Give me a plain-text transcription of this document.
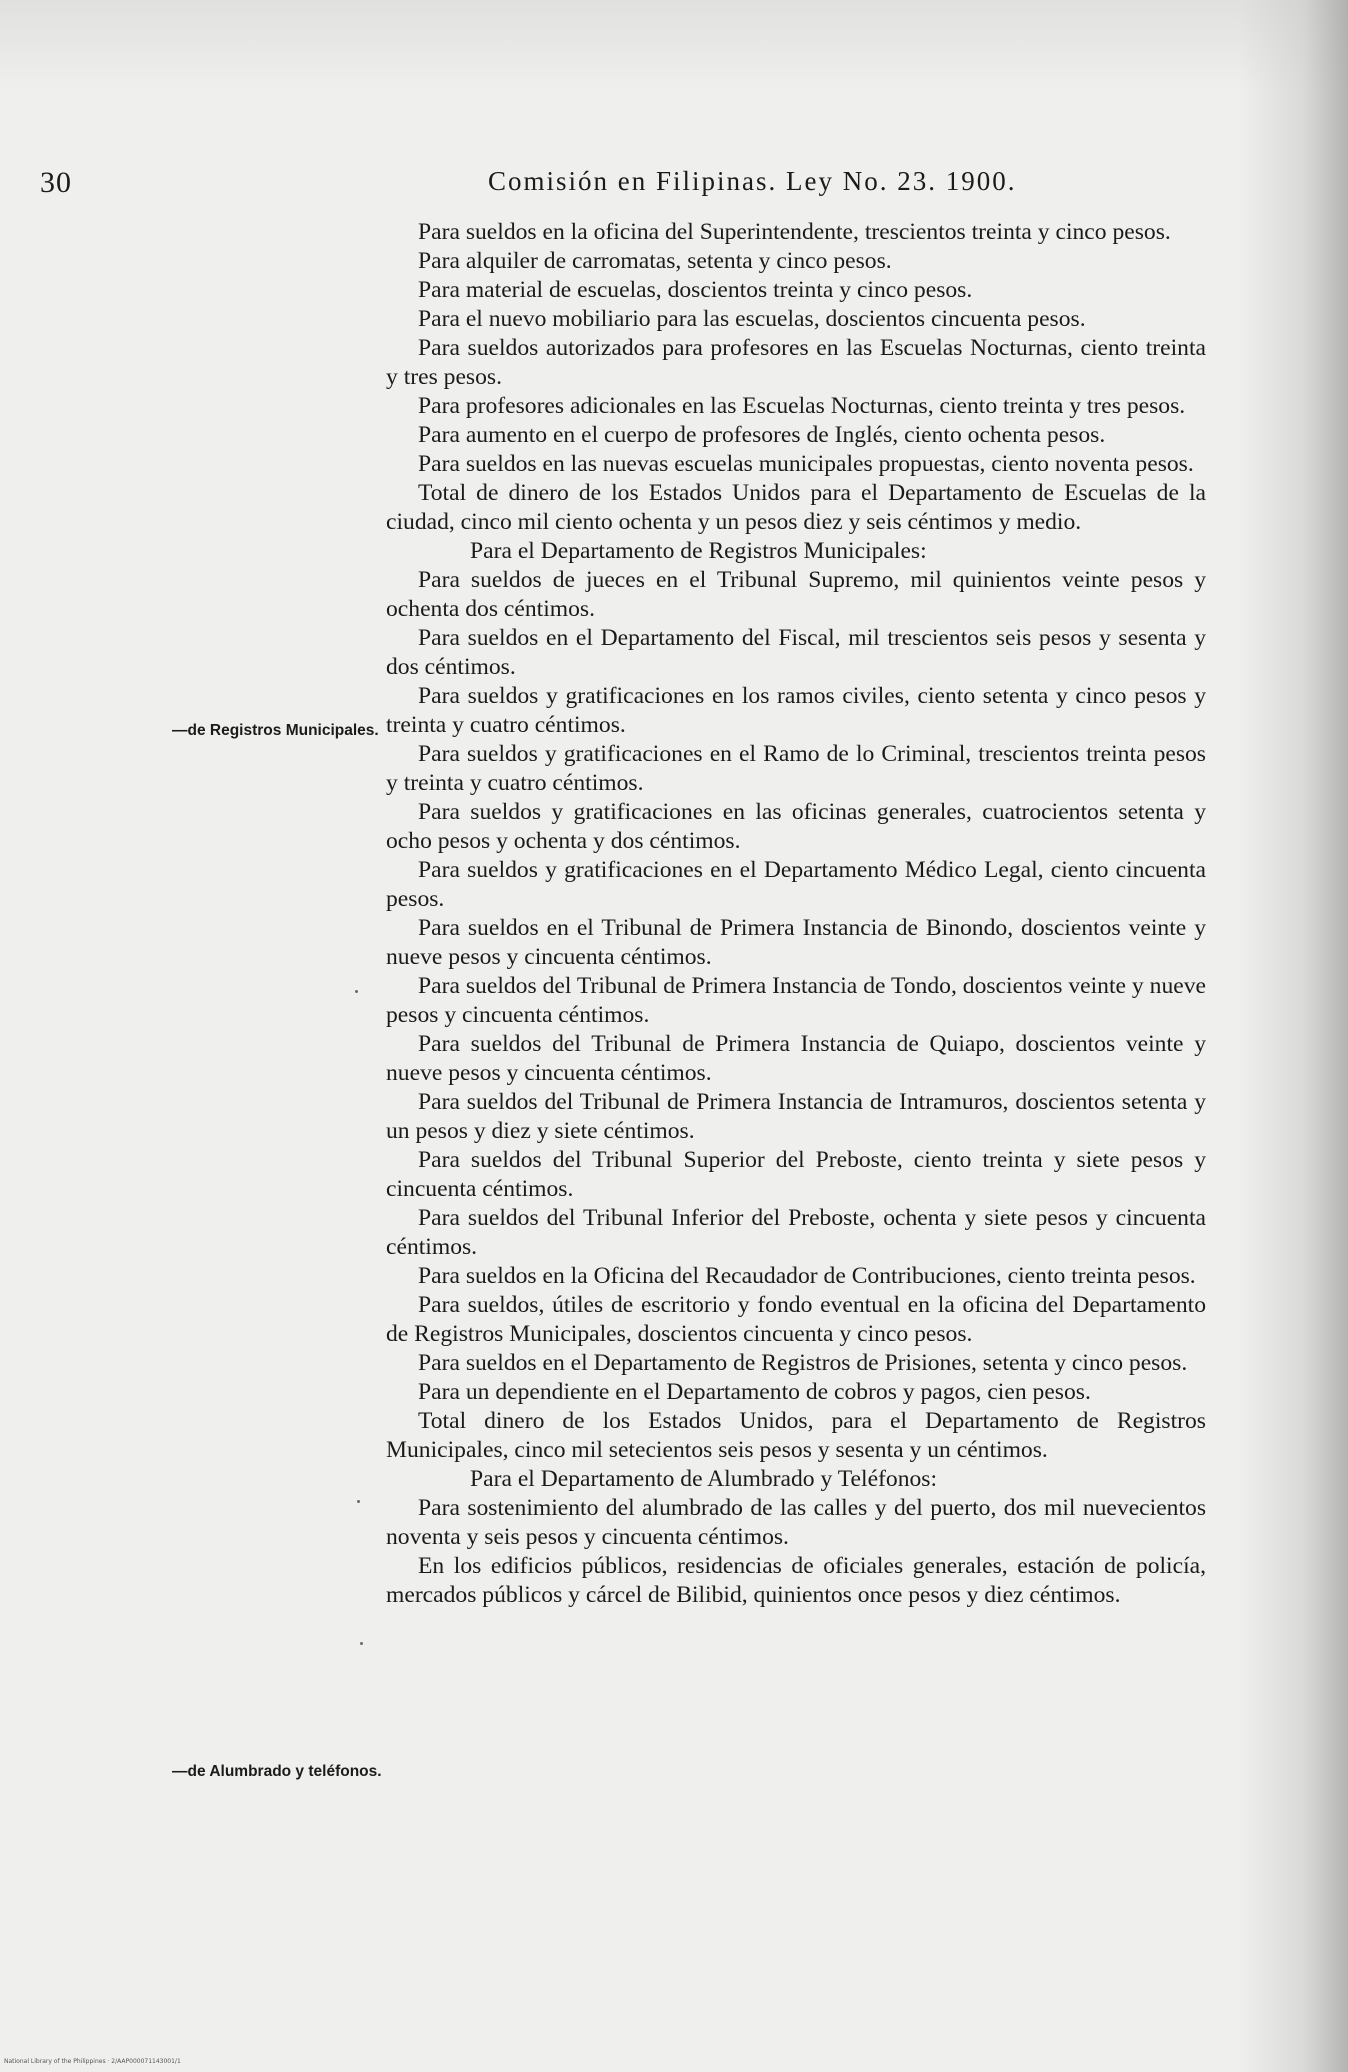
30	Comisión en Filipinas. Ley No. 23. 1900.
—de Registros Municipales.
—de Alumbrado y teléfonos.

Para sueldos en la oficina del Superintendente, trescientos treinta y cinco pesos.

Para alquiler de carromatas, setenta y cinco pesos.

Para material de escuelas, doscientos treinta y cinco pesos.

Para el nuevo mobiliario para las escuelas, doscientos cincuenta pesos.

Para sueldos autorizados para profesores en las Escuelas Nocturnas, ciento treinta y tres pesos.

Para profesores adicionales en las Escuelas Nocturnas, ciento treinta y tres pesos.

Para aumento en el cuerpo de profesores de Inglés, ciento ochenta pesos.

Para sueldos en las nuevas escuelas municipales propuestas, ciento noventa pesos.

Total de dinero de los Estados Unidos para el Departamento de Escuelas de la ciudad, cinco mil ciento ochenta y un pesos diez y seis céntimos y medio.

Para el Departamento de Registros Municipales:

Para sueldos de jueces en el Tribunal Supremo, mil quinientos veinte pesos y ochenta dos céntimos.

Para sueldos en el Departamento del Fiscal, mil trescientos seis pesos y sesenta y dos céntimos.

Para sueldos y gratificaciones en los ramos civiles, ciento setenta y cinco pesos y treinta y cuatro céntimos.

Para sueldos y gratificaciones en el Ramo de lo Criminal, trescientos treinta pesos y treinta y cuatro céntimos.

Para sueldos y gratificaciones en las oficinas generales, cuatrocientos setenta y ocho pesos y ochenta y dos céntimos.

Para sueldos y gratificaciones en el Departamento Médico Legal, ciento cincuenta pesos.

Para sueldos en el Tribunal de Primera Instancia de Binondo, doscientos veinte y nueve pesos y cincuenta céntimos.

Para sueldos del Tribunal de Primera Instancia de Tondo, doscientos veinte y nueve pesos y cincuenta céntimos.

Para sueldos del Tribunal de Primera Instancia de Quiapo, doscientos veinte y nueve pesos y cincuenta céntimos.

Para sueldos del Tribunal de Primera Instancia de Intramuros, doscientos setenta y un pesos y diez y siete céntimos.

Para sueldos del Tribunal Superior del Preboste, ciento treinta y siete pesos y cincuenta céntimos.

Para sueldos del Tribunal Inferior del Preboste, ochenta y siete pesos y cincuenta céntimos.

Para sueldos en la Oficina del Recaudador de Contribuciones, ciento treinta pesos.

Para sueldos, útiles de escritorio y fondo eventual en la oficina del Departamento de Registros Municipales, doscientos cincuenta y cinco pesos.

Para sueldos en el Departamento de Registros de Prisiones, setenta y cinco pesos.

Para un dependiente en el Departamento de cobros y pagos, cien pesos.

Total dinero de los Estados Unidos, para el Departamento de Registros Municipales, cinco mil setecientos seis pesos y sesenta y un céntimos.

Para el Departamento de Alumbrado y Teléfonos:

Para sostenimiento del alumbrado de las calles y del puerto, dos mil nuevecientos noventa y seis pesos y cincuenta céntimos.

En los edificios públicos, residencias de oficiales generales, estación de policía, mercados públicos y cárcel de Bilibid, quinientos once pesos y diez céntimos.

National Library of the Philippines · 2/AAP000071143001/1
